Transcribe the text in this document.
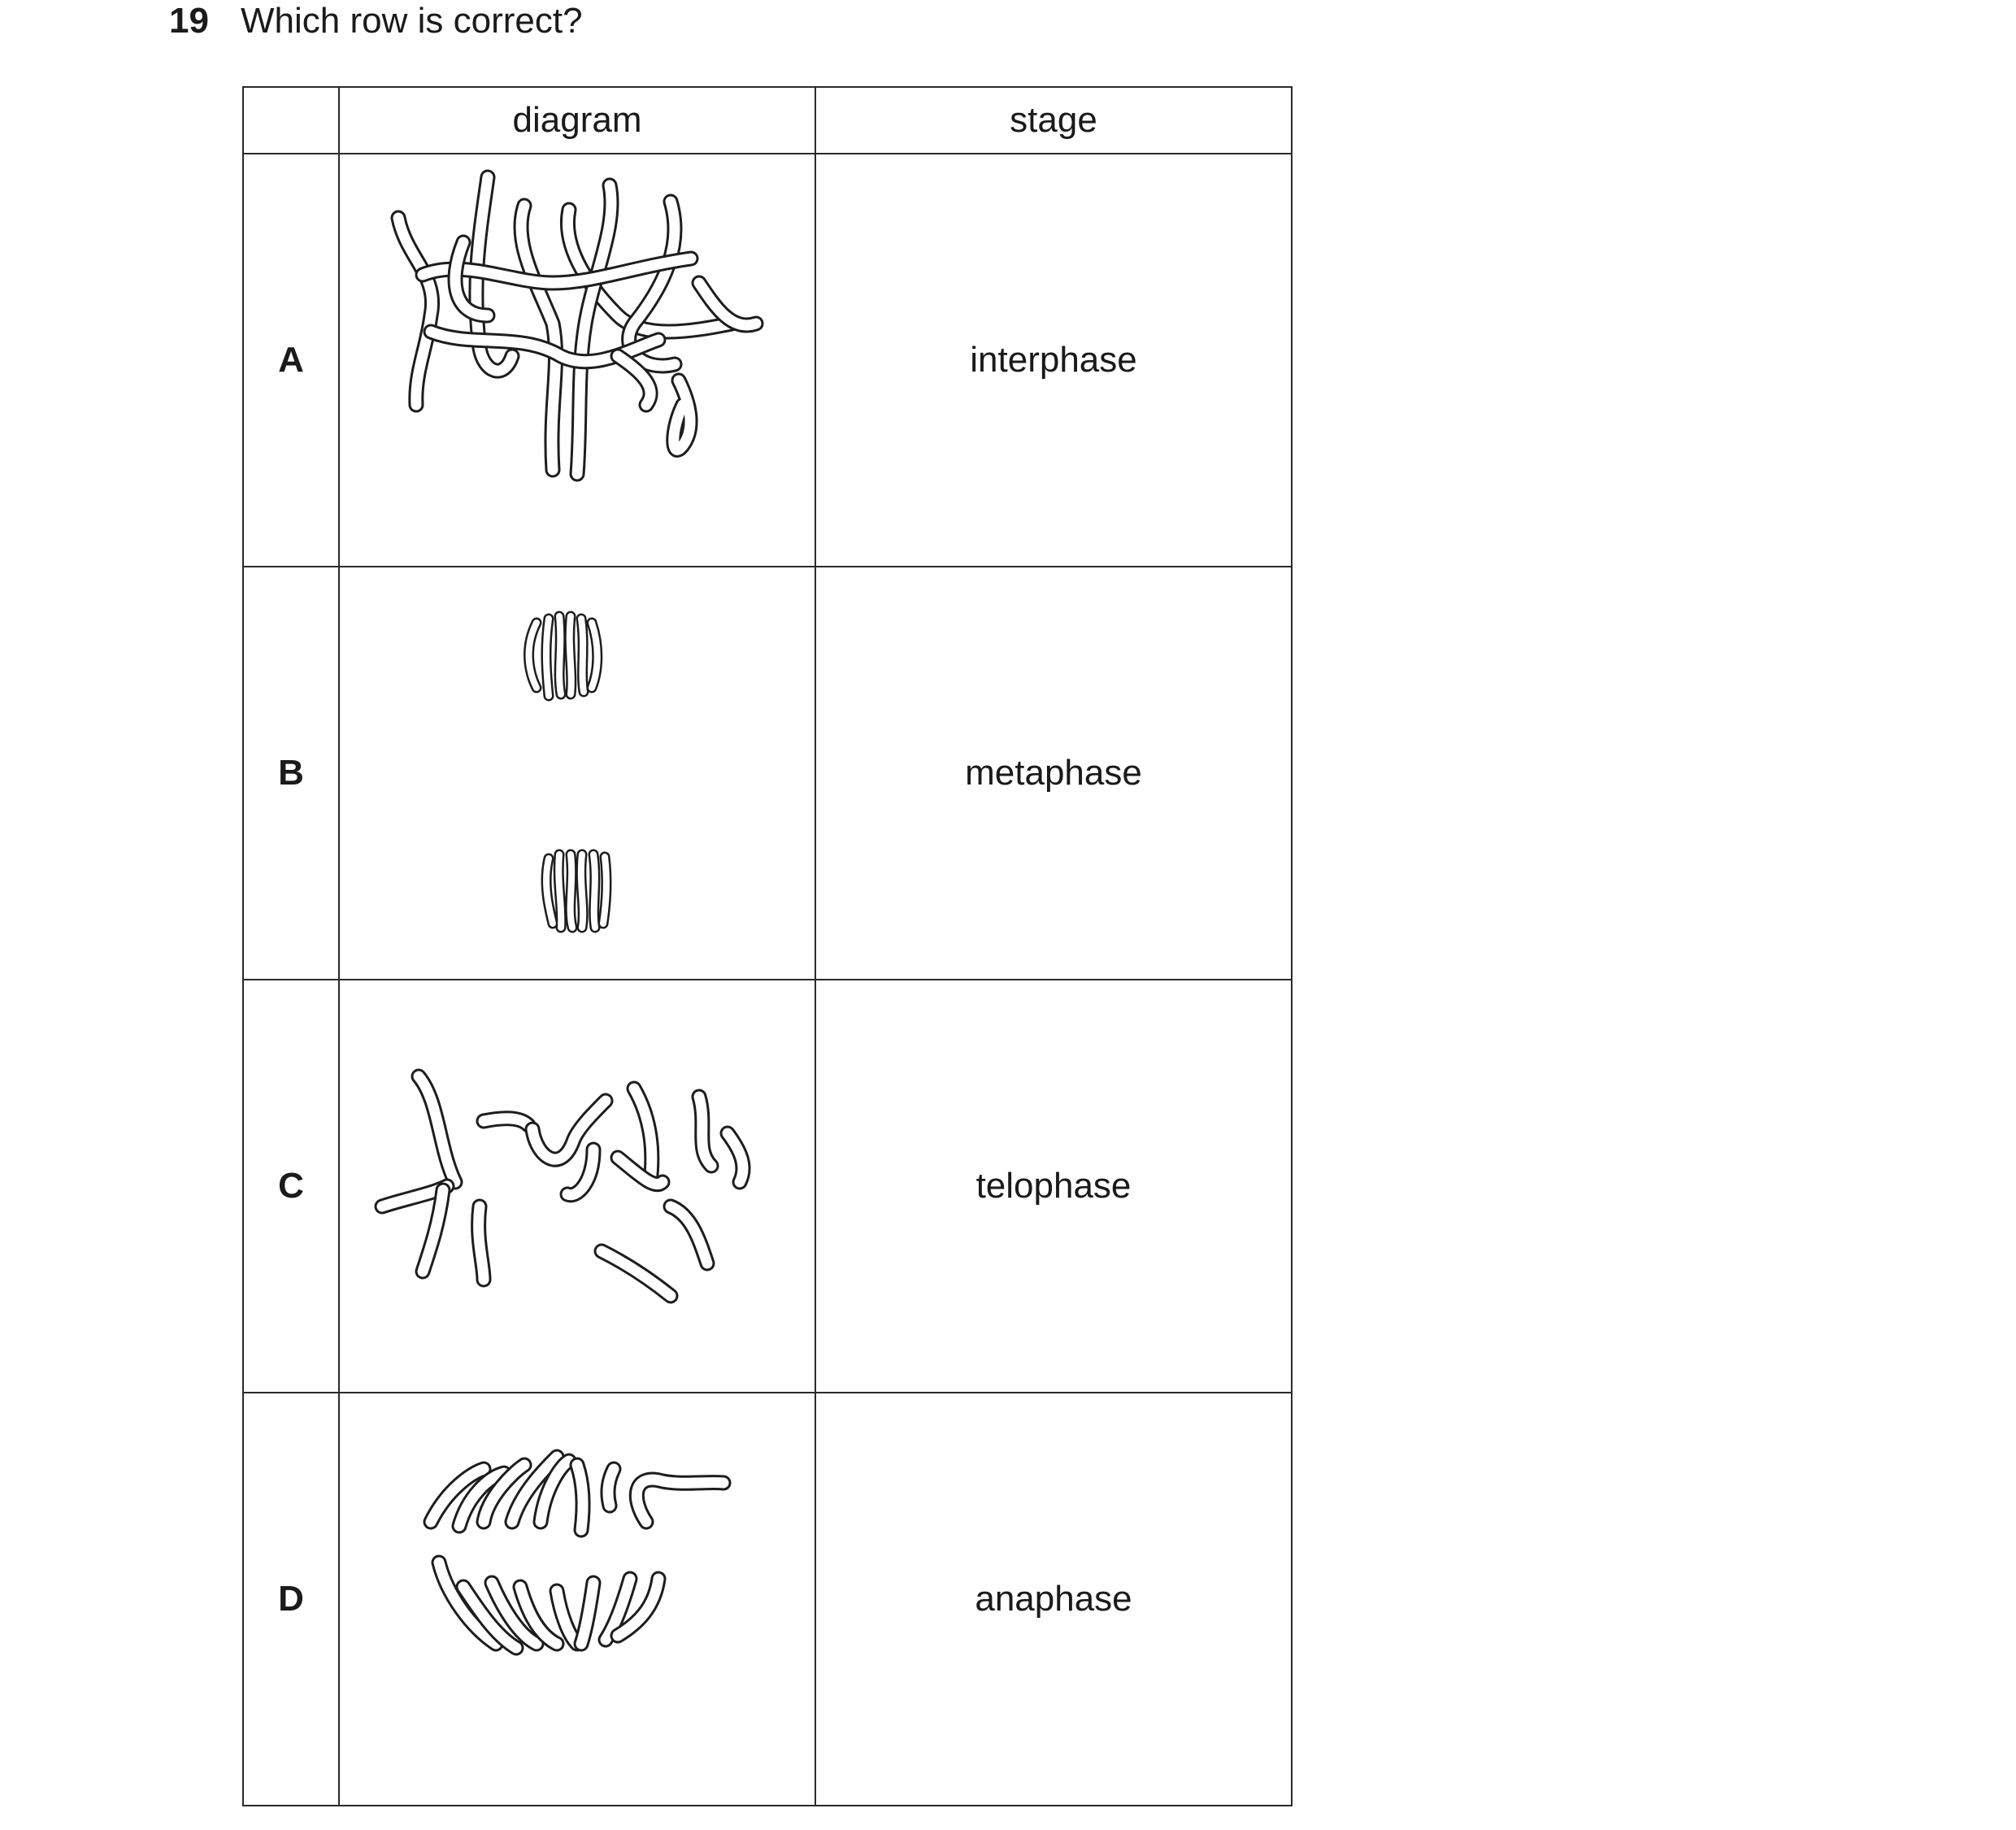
19 Which row is correct?
	diagram	stage
A		interphase
B		metaphase
C		telophase
D		anaphase
